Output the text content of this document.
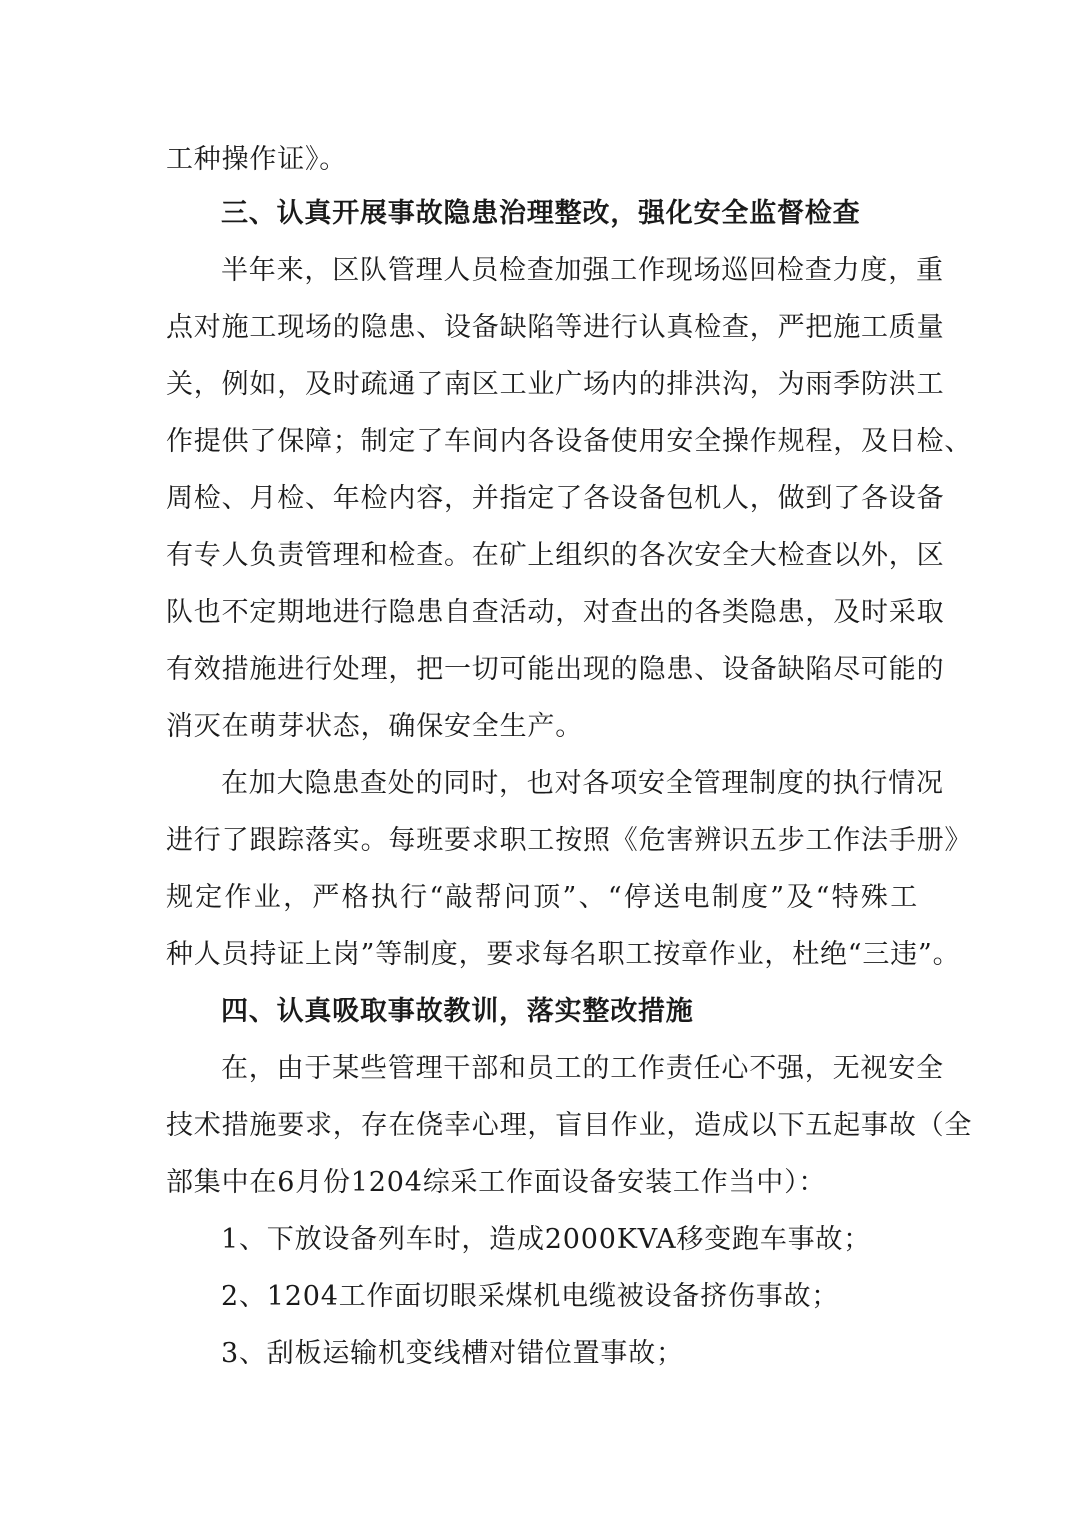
工种操作证》。

三、认真开展事故隐患治理整改，强化安全监督检查

半年来，区队管理人员检查加强工作现场巡回检查力度，重

点对施工现场的隐患、设备缺陷等进行认真检查，严把施工质量

关，例如，及时疏通了南区工业广场内的排洪沟，为雨季防洪工

作提供了保障；制定了车间内各设备使用安全操作规程，及日检、

周检、月检、年检内容，并指定了各设备包机人，做到了各设备

有专人负责管理和检查。在矿上组织的各次安全大检查以外，区

队也不定期地进行隐患自查活动，对查出的各类隐患，及时采取

有效措施进行处理，把一切可能出现的隐患、设备缺陷尽可能的

消灭在萌芽状态，确保安全生产。

在加大隐患查处的同时，也对各项安全管理制度的执行情况

进行了跟踪落实。每班要求职工按照《危害辨识五步工作法手册》

规定作业，严格执行“敲帮问顶”、“停送电制度”及“特殊工

种人员持证上岗”等制度，要求每名职工按章作业，杜绝“三违”。

四、认真吸取事故教训，落实整改措施

在，由于某些管理干部和员工的工作责任心不强，无视安全

技术措施要求，存在侥幸心理，盲目作业，造成以下五起事故（全

部集中在6月份1204综采工作面设备安装工作当中）：

1、下放设备列车时，造成2000KVA移变跑车事故；

2、1204工作面切眼采煤机电缆被设备挤伤事故；

3、刮板运输机变线槽对错位置事故；
